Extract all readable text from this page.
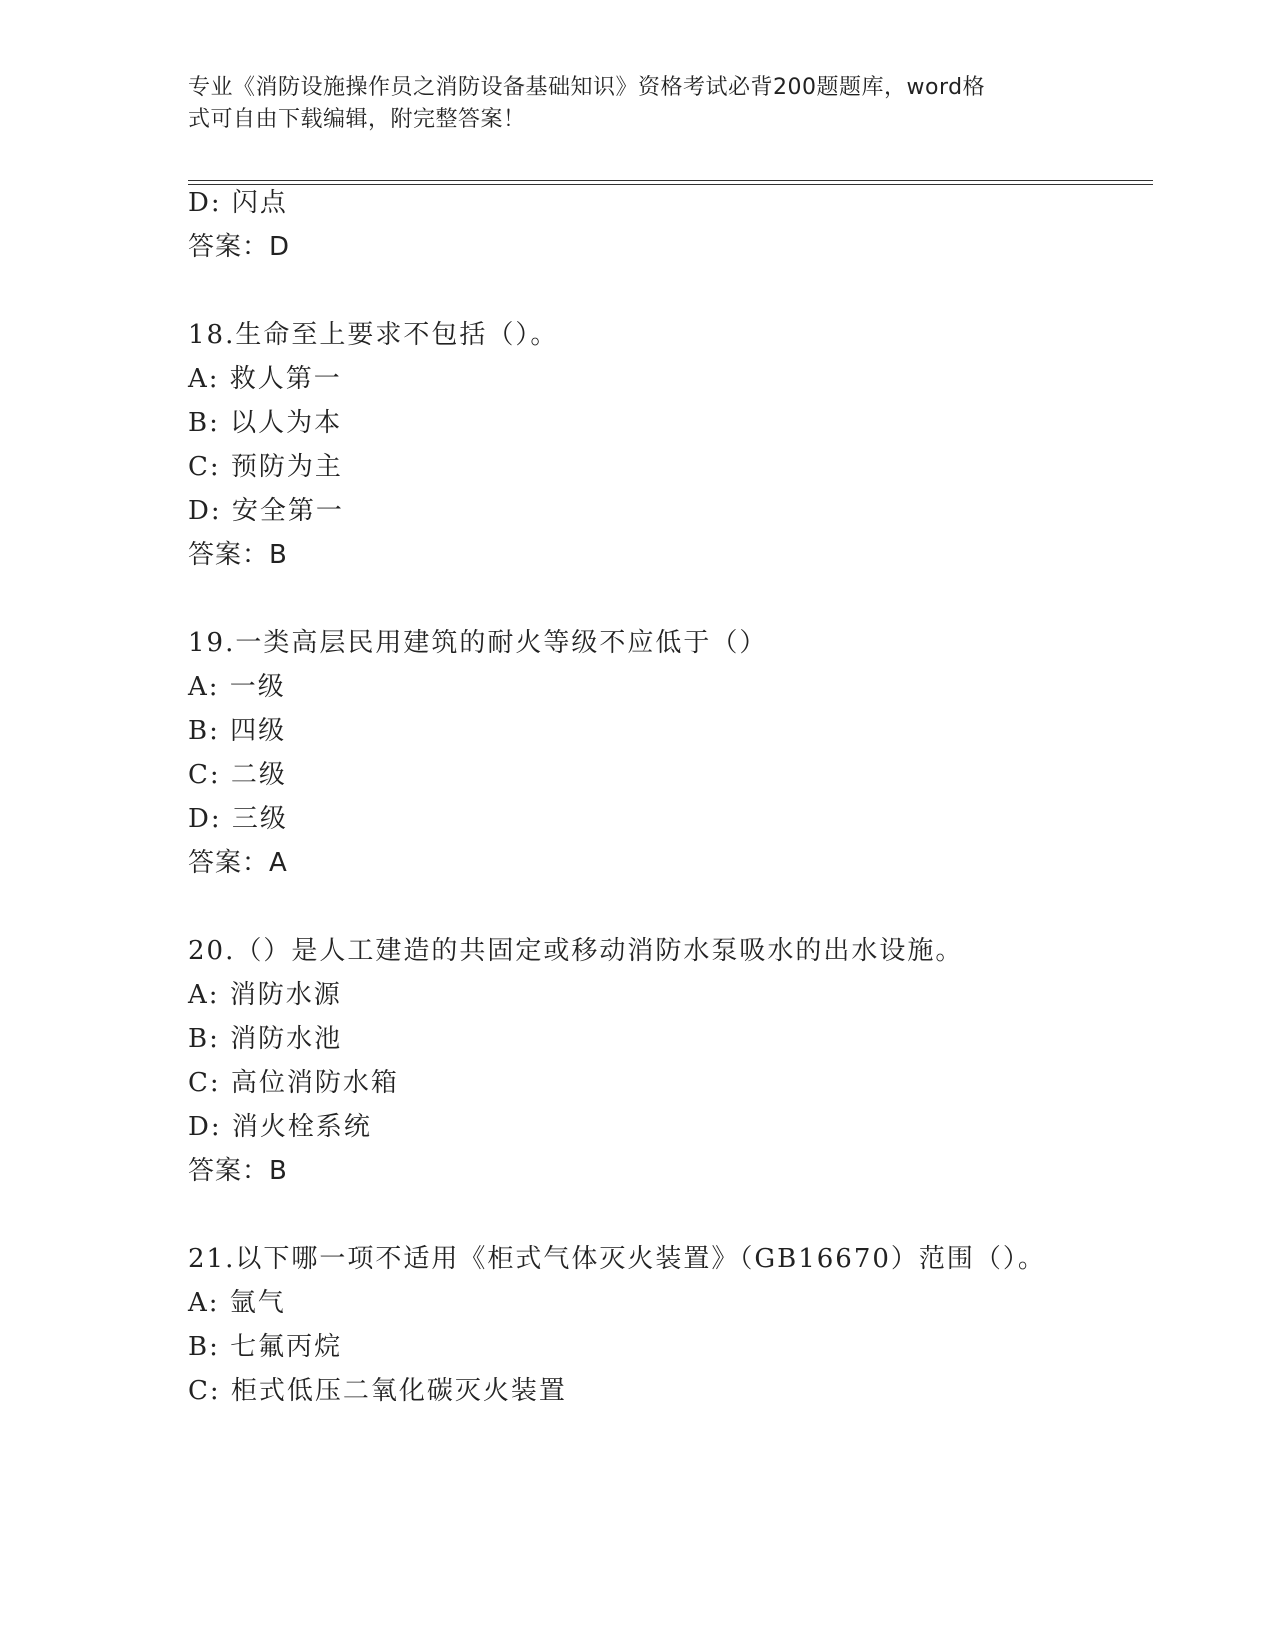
专业《消防设施操作员之消防设备基础知识》资格考试必背200题题库，word格
式可自由下载编辑，附完整答案！
D: 闪点
答案：D
18.生命至上要求不包括（）。
A: 救人第一
B: 以人为本
C: 预防为主
D: 安全第一
答案：B
19.一类高层民用建筑的耐火等级不应低于（）
A: 一级
B: 四级
C: 二级
D: 三级
答案：A
20.（）是人工建造的共固定或移动消防水泵吸水的出水设施。
A: 消防水源
B: 消防水池
C: 高位消防水箱
D: 消火栓系统
答案：B
21.以下哪一项不适用《柜式气体灭火装置》（GB16670）范围（）。
A: 氩气
B: 七氟丙烷
C: 柜式低压二氧化碳灭火装置
